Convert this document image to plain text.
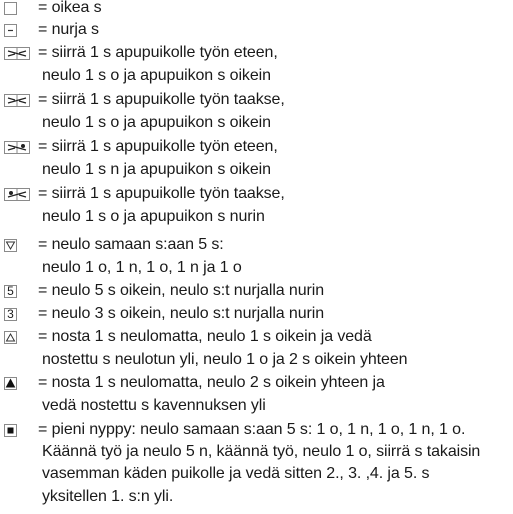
= oikea s
= nurja s
= siirrä 1 s apupuikolle työn eteen,
neulo 1 s o ja apupuikon s oikein
= siirrä 1 s apupuikolle työn taakse,
neulo 1 s o ja apupuikon s oikein
= siirrä 1 s apupuikolle työn eteen,
neulo 1 s n ja apupuikon s oikein
= siirrä 1 s apupuikolle työn taakse,
neulo 1 s o ja apupuikon s nurin
= neulo samaan s:aan 5 s:
neulo 1 o, 1 n, 1 o, 1 n ja 1 o
5 = neulo 5 s oikein, neulo s:t nurjalla nurin
3 = neulo 3 s oikein, neulo s:t nurjalla nurin
= nosta 1 s neulomatta, neulo 1 s oikein ja vedä
nostettu s neulotun yli, neulo 1 o ja 2 s oikein yhteen
= nosta 1 s neulomatta, neulo 2 s oikein yhteen ja
vedä nostettu s kavennuksen yli
= pieni nyppy: neulo samaan s:aan 5 s: 1 o, 1 n, 1 o, 1 n, 1 o.
Käännä työ ja neulo 5 n, käännä työ, neulo 1 o, siirrä s takaisin
vasemman käden puikolle ja vedä sitten 2., 3. ,4. ja 5. s
yksitellen 1. s:n yli.
